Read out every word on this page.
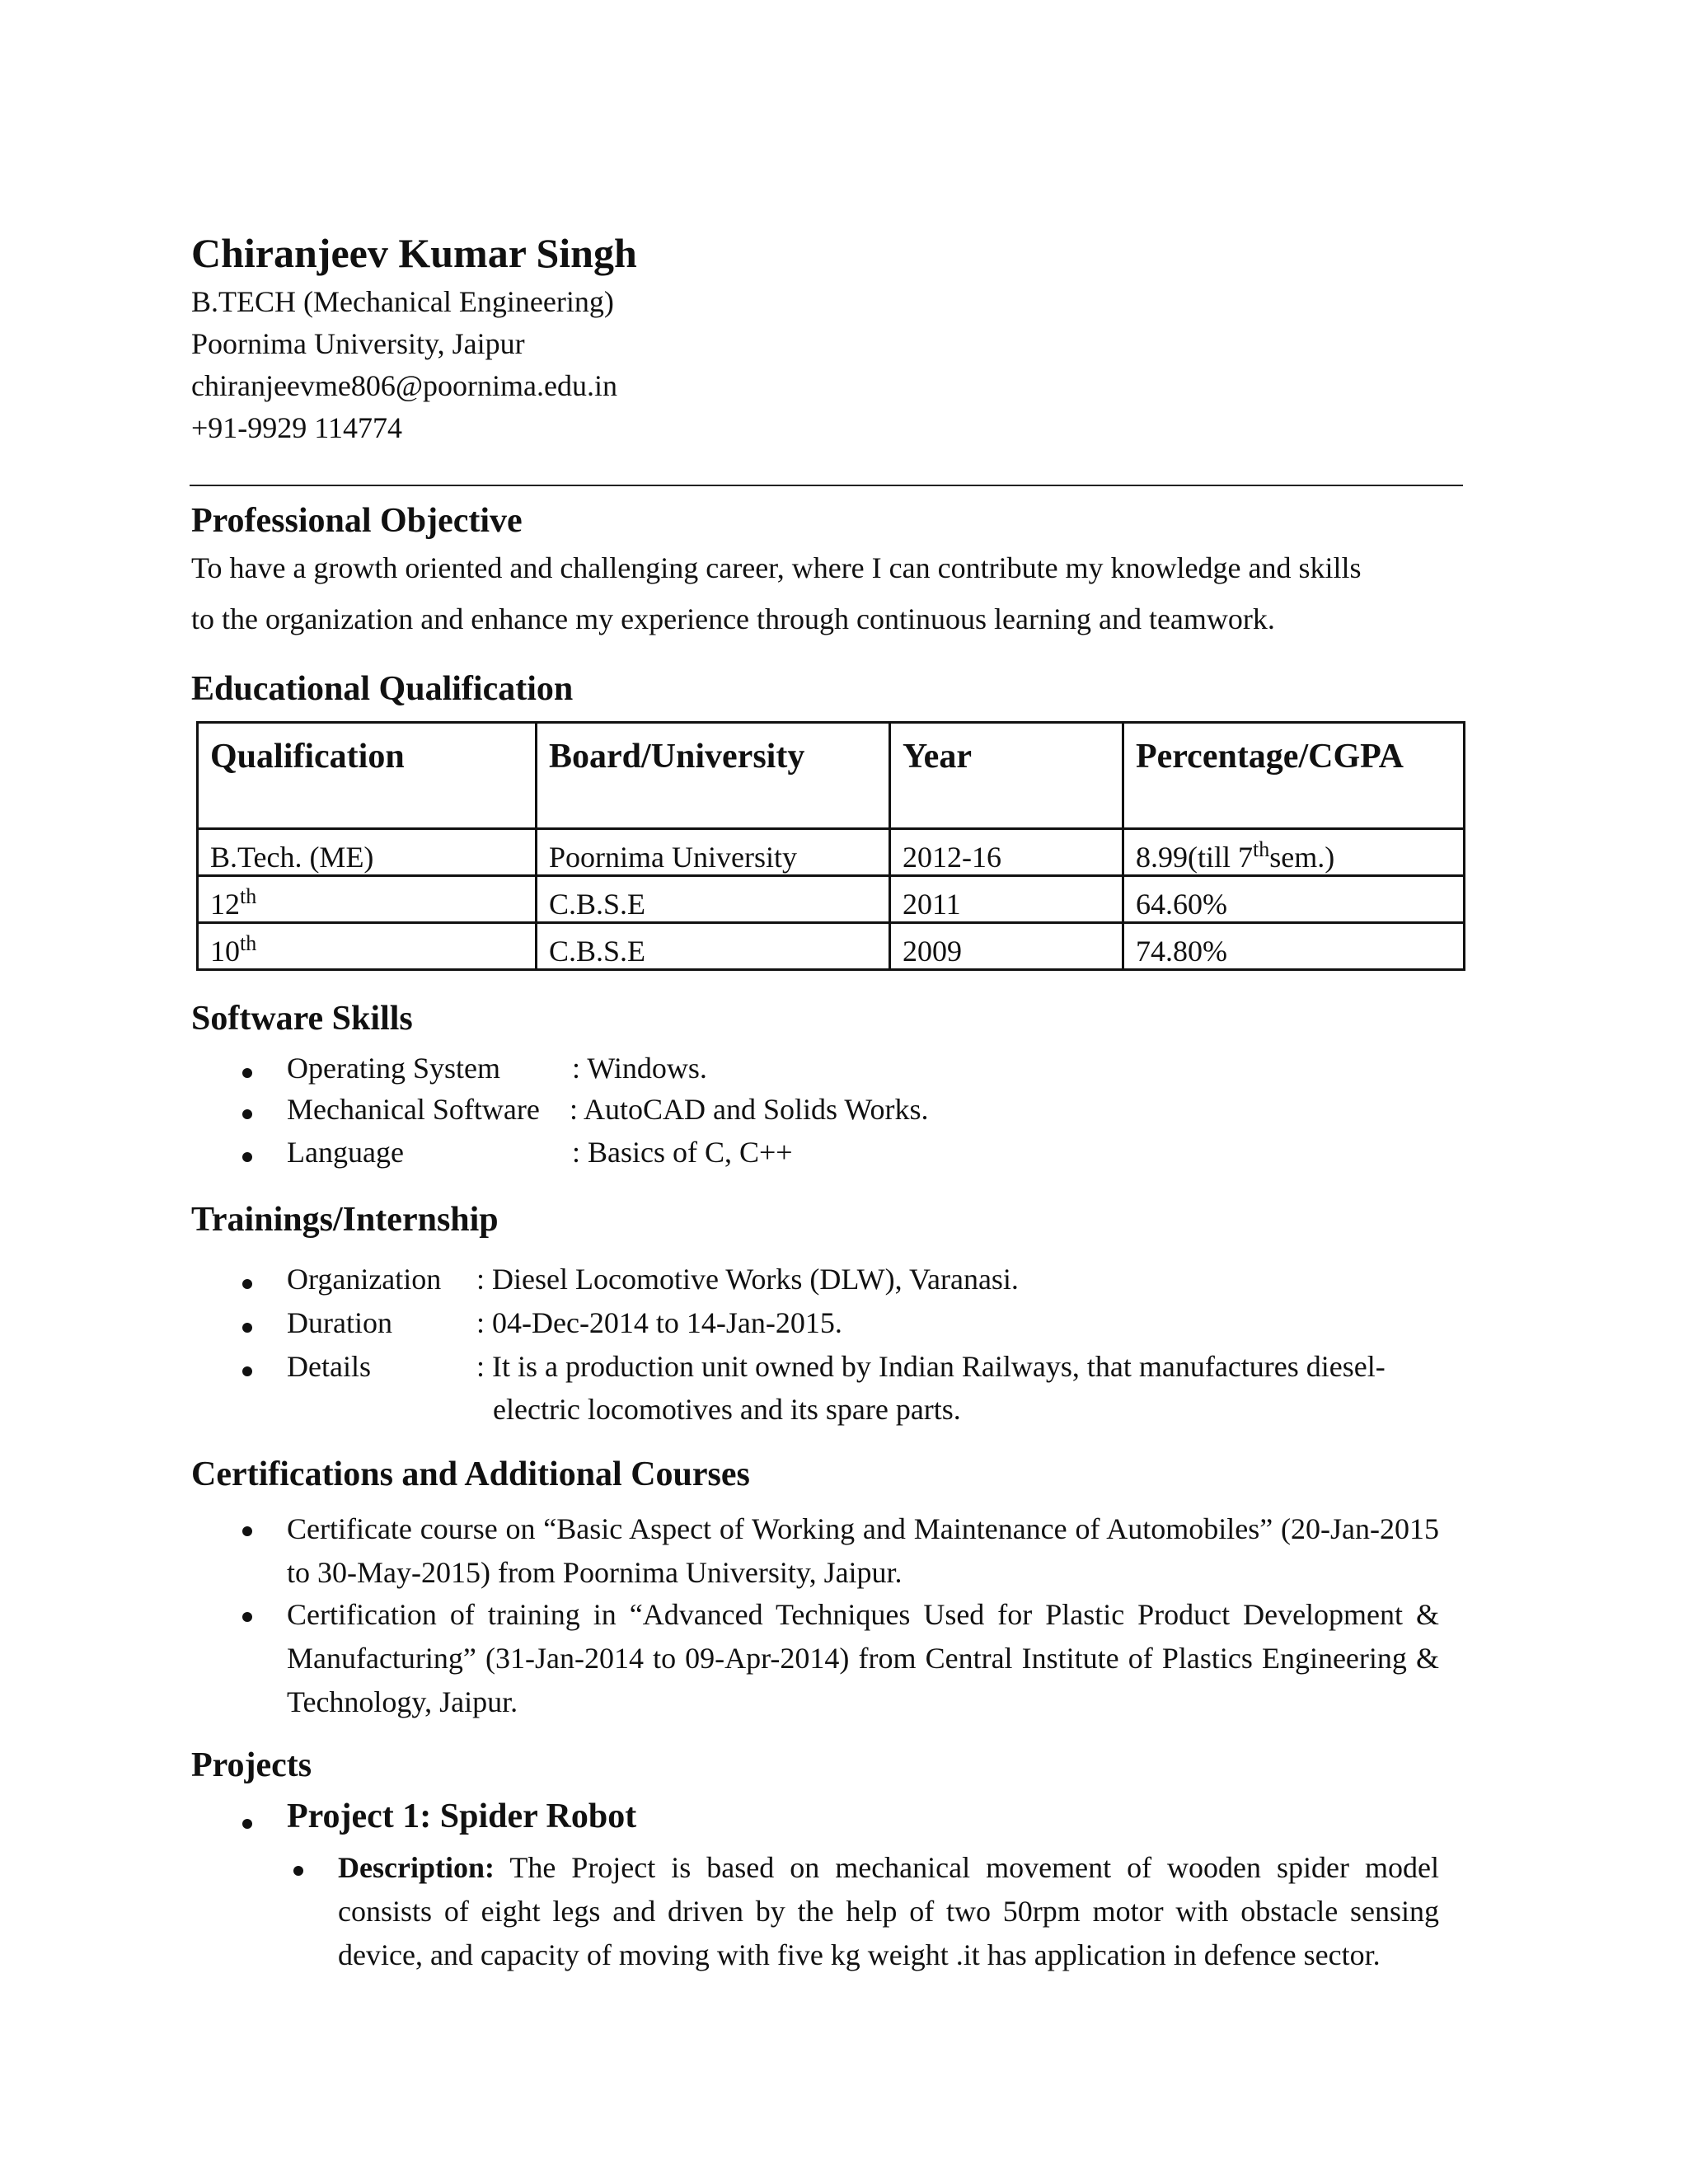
Chiranjeev Kumar Singh
B.TECH (Mechanical Engineering)
Poornima University, Jaipur
chiranjeevme806@poornima.edu.in
+91-9929 114774
Professional Objective
To have a growth oriented and challenging career, where I can contribute my knowledge and skills
to the organization and enhance my experience through continuous learning and teamwork.
Educational Qualification
Qualification	Board/University	Year	Percentage/CGPA
B.Tech. (ME)	Poornima University	2012-16	8.99(till 7thsem.)
12th	C.B.S.E	2011	64.60%
10th	C.B.S.E	2009	74.80%
Software Skills
Operating System : Windows.
Mechanical Software : AutoCAD and Solids Works.
Language	: Basics of C, C++
Trainings/Internship
Organization : Diesel Locomotive Works (DLW), Varanasi.
Duration	: 04-Dec-2014 to 14-Jan-2015.
Details	: It is a production unit owned by Indian Railways, that manufactures diesel-
electric locomotives and its spare parts.
Certifications and Additional Courses
Certificate course on “Basic Aspect of Working and Maintenance of Automobiles” (20-Jan-2015 to 30-May-2015) from Poornima University, Jaipur.
Certification of training in “Advanced Techniques Used for Plastic Product Development & Manufacturing” (31-Jan-2014 to 09-Apr-2014) from Central Institute of Plastics Engineering & Technology, Jaipur.
Projects
Project 1: Spider Robot
Description: The Project is based on mechanical movement of wooden spider model consists of eight legs and driven by the help of two 50rpm motor with obstacle sensing device, and capacity of moving with five kg weight .it has application in defence sector.
